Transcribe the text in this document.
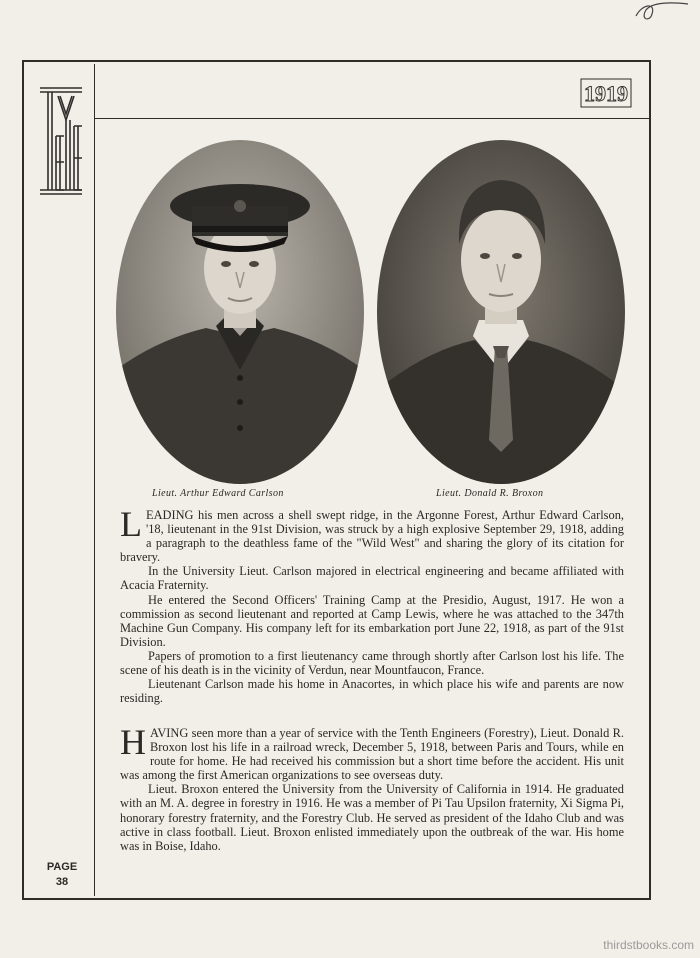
1919
Lieut. Arthur Edward Carlson	Lieut. Donald R. Broxon

LEADING his men across a shell swept ridge, in the Argonne Forest, Arthur Edward Carlson, '18, lieutenant in the 91st Division, was struck by a high explosive September 29, 1918, adding a paragraph to the deathless fame of the "Wild West" and sharing the glory of its citation for bravery.

In the University Lieut. Carlson majored in electrical engineering and became affiliated with Acacia Fraternity.

He entered the Second Officers' Training Camp at the Presidio, August, 1917. He won a commission as second lieutenant and reported at Camp Lewis, where he was attached to the 347th Machine Gun Company. His company left for its embarkation port June 22, 1918, as part of the 91st Division.

Papers of promotion to a first lieutenancy came through shortly after Carlson lost his life. The scene of his death is in the vicinity of Verdun, near Mountfaucon, France.

Lieutenant Carlson made his home in Anacortes, in which place his wife and parents are now residing.

HAVING seen more than a year of service with the Tenth Engineers (Forestry), Lieut. Donald R. Broxon lost his life in a railroad wreck, December 5, 1918, between Paris and Tours, while en route for home. He had received his commission but a short time before the accident. His unit was among the first American organizations to see overseas duty.

Lieut. Broxon entered the University from the University of California in 1914. He graduated with an M. A. degree in forestry in 1916. He was a member of Pi Tau Upsilon fraternity, Xi Sigma Pi, honorary forestry fraternity, and the Forestry Club. He served as president of the Idaho Club and was active in class football. Lieut. Broxon enlisted immediately upon the outbreak of the war. His home was in Boise, Idaho.

PAGE
38
thirdstbooks.com
